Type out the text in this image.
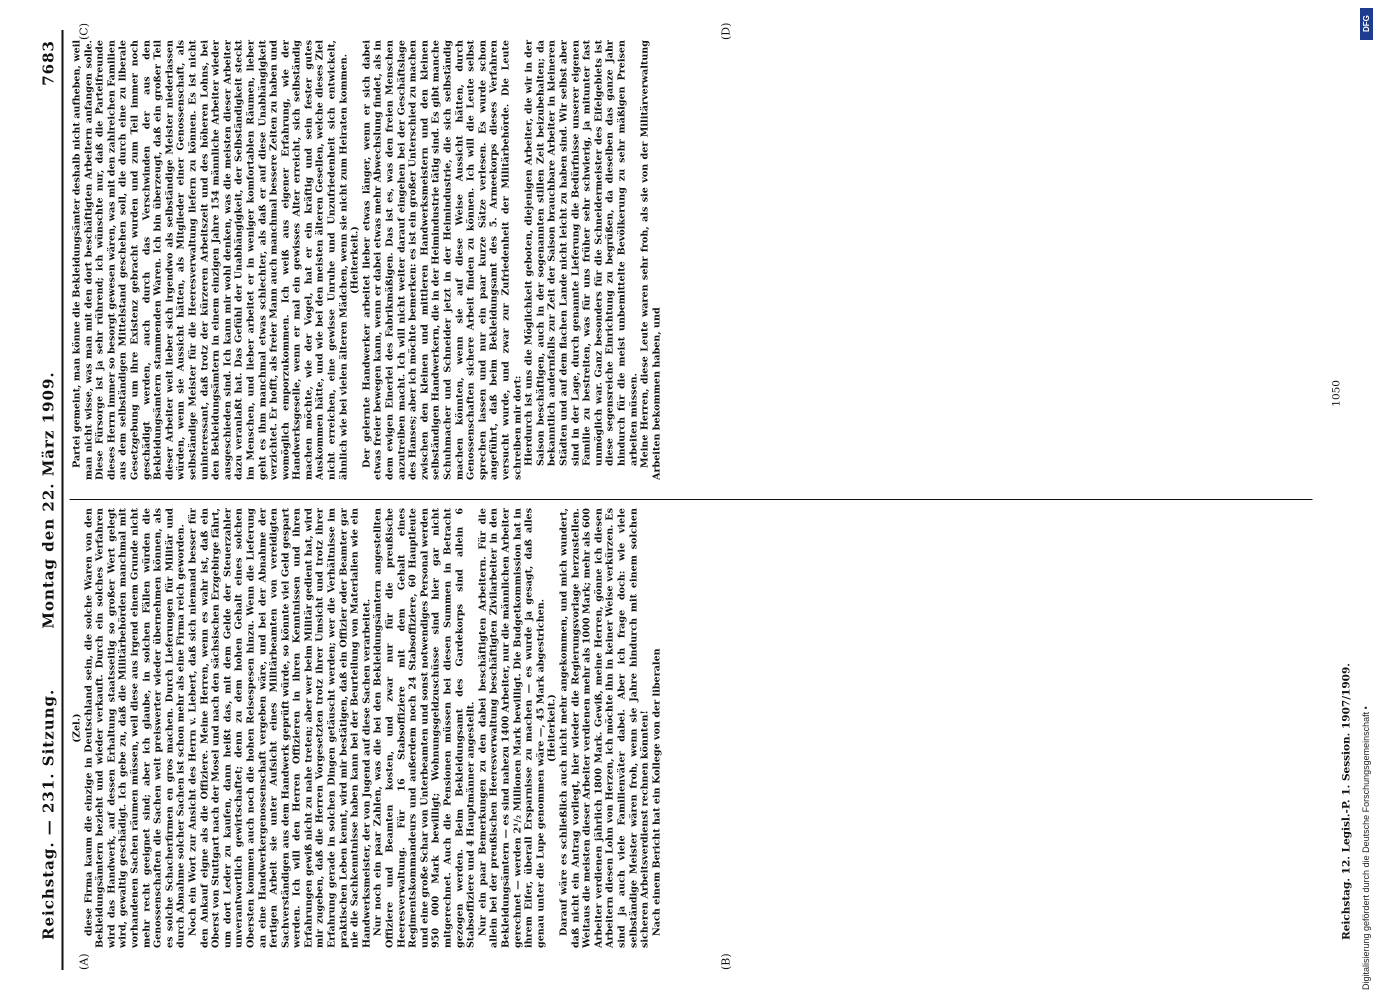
Reichstag. — 231. Sitzung.
Montag den 22. März 1909.
7683
(A)	(B)
(C)	(D)

(Zel.) diese Firma kaum die einzige in Deutschland sein, die solche Waren von den Bekleidungsämtern bezieht und wieder verkauft. Durch ein solches Verfahren wird das Handwerk, auf dessen Erhaltung staatsseitig so großer Wert gelegt wird, gewaltig geschädigt. Ich gebe zu, daß die Militärbehörden manchmal mit vorhandenen Sachen räumen müssen, weil diese aus irgend einem Grunde nicht mehr recht geeignet sind; aber ich glaube, in solchen Fällen würden die Genossenschaften die Sachen weit preiswerter wieder übernehmen können, als es solche Schacherfirmen en gros machen. Durch Lieferungen für Militär und durch Abnahme solcher Sachen ist schon mehr als eine Firma reich geworden. Noch ein Wort zur Ansicht des Herrn v. Liebert, daß sich niemand besser für den Ankauf eigne als die Offiziere. Meine Herren, wenn es wahr ist, daß ein Oberst von Stuttgart nach der Mosel und nach den sächsischen Erzgebirge fährt, um dort Leder zu kaufen, dann heißt das, mit dem Gelde der Steuerzahler unverantwortlich gewirtschaftet; denn zu dem hohen Gehalt eines solchen Obersten kommen auch noch die hohen Reisespesen hinzu. Wenn die Lieferung an eine Handwerkergenossenschaft vergeben wäre, und bei der Abnahme der fertigen Arbeit sie unter Aufsicht eines Militärbeamten von vereidigten Sachverständigen aus dem Handwerk geprüft würde, so könnte viel Geld gespart werden. Ich will den Herren Offizieren in ihren Kenntnissen und ihren Erfahrungen gewiß nicht zu nahe treten; aber wer beim Militär gedient hat, wird mir zugeben, daß die Herren Vorgesetzten trotz ihrer Umsicht und trotz ihrer Erfahrung gerade in solchen Dingen getäuscht werden; wer die Verhältnisse im praktischen Leben kennt, wird mir bestätigen, daß ein Offizier oder Beamter gar nie die Sachkenntnisse haben kann bei der Beurteilung von Materialien wie ein Handwerksmeister, der von Jugend auf diese Sachen verarbeitet. Nur noch ein paar Zahlen, was die bei den Bekleidungsämtern angestellten Offiziere und Beamten kosten, und zwar nur für die preußische Heeresverwaltung. Für 16 Stabsoffiziere mit dem Gehalt eines Regimentskommandeurs und außerdem noch 24 Stabsoffiziere, 60 Hauptleute und eine große Schar von Unterbeamten und sonst notwendiges Personal werden 950 000 Mark bewilligt; Wohnungsgeldzuschüsse sind hier gar nicht mitgerechnet. Auch die Pensionen müssen bei diesen Summen in Betracht gezogen werden. Beim Bekleidungsamt des Gardekorps sind allein 6 Stabsoffiziere und 4 Hauptmänner angestellt. Nur ein paar Bemerkungen zu den dabei beschäftigten Arbeitern. Für die allein bei der preußischen Heeresverwaltung beschäftigten Zivilarbeiter in den Bekleidungsämtern — es sind nahezu 1400 Arbeiter, nur die männlichen Arbeiter gerechnet — werden 2¹/₂ Millionen Mark bewilligt. Die Budgetkommission hat in ihrem Eifer, überall Ersparnisse zu machen — es wurde ja gesagt, daß alles genau unter die Lupe genommen wäre —, 45 Mark abgestrichen. (Heiterkeit.) Darauf wäre es schließlich auch nicht mehr angekommen, und mich wundert, daß nicht ein Antrag vorliegt, hier wieder die Regierungsvorlage herzustellen. Weitaus die meisten dieser Arbeiter verdienen mehr als 1000 Mark; mehr als 600 Arbeiter verdienen jährlich 1800 Mark. Gewiß, meine Herren, gönne ich diesen Arbeitern diesen Lohn von Herzen, ich möchte ihn in keiner Weise verkürzen. Es sind ja auch viele Familienväter dabei. Aber ich frage doch: wie viele selbständige Meister wären froh, wenn sie Jahre hindurch mit einem solchen sicheren Arbeitsverdienst rechnen könnten! Nach einem Bericht hat ein Kollege von der liberalen

Partei gemeint, man könne die Bekleidungsämter deshalb nicht aufheben, weil man nicht wisse, was man mit den dort beschäftigten Arbeitern anfangen solle. Diese Fürsorge ist ja sehr rührend; ich wünschte nur, daß die Parteifreunde dieses Herrn immer so besorgt gewesen wären, was mit den zahlreichen Familien aus dem selbständigen Mittelstand geschehen soll, die durch eine zu liberale Gesetzgebung um ihre Existenz gebracht wurden und zum Teil immer noch geschädigt werden, auch durch das Verschwinden der aus den Bekleidungsämtern stammenden Waren. Ich bin überzeugt, daß ein großer Teil dieser Arbeiter weit lieber sich irgendwo als selbständige Meister niederlassen würden, wenn sie Aussicht hätten, als Mitglieder einer Genossenschaft, als selbständige Meister für die Heeresverwaltung liefern zu können. Es ist nicht uninteressant, daß trotz der kürzeren Arbeitszeit und des höheren Lohns, bei den Bekleidungsämtern in einem einzigen Jahre 154 männliche Arbeiter wieder ausgeschieden sind. Ich kann mir wohl denken, was die meisten dieser Arbeiter dazu veranlaßt hat. Das Gefühl der Unabhängigkeit, der Selbständigkeit steckt im Menschen, und lieber arbeitet er in weniger komfortablen Räumen, lieber geht es ihm manchmal etwas schlechter, als daß er auf diese Unabhängigkeit verzichtet. Er hofft, als freier Mann auch manchmal bessere Zeiten zu haben und womöglich emporzukommen. Ich weiß aus eigener Erfahrung, wie der Handwerksgeselle, wenn er mal ein gewisses Alter erreicht, sich selbständig machen möchte, wie der Vogel, hat er ein kräftig und sein fester gutes Auskommen hätte, und wie bei den meisten älteren Gesellen, welche dieses Ziel nicht erreichen, eine gewisse Unruhe und Unzufriedenheit sich entwickelt, ähnlich wie bei vielen älteren Mädchen, wenn sie nicht zum Heiraten kommen. (Heiterkeit.) Der gelernte Handwerker arbeitet lieber etwas länger, wenn er sich dabei etwas freier bewegen kann, wenn er dabei etwas mehr Abwechslung findet, als in dem ewigen Einerlei des Fabrikmäßigen. Das ist es, was den freien Menschen anzutreiben macht. Ich will nicht weiter darauf eingehen bei der Geschäftslage des Hanses; aber ich möchte bemerken: es ist ein großer Unterschied zu machen zwischen den kleinen und mittleren Handwerksmeistern und den kleinen selbständigen Handwerkern, die in der Heimindustrie tätig sind. Es gibt manche Schuhmacher und Schneider jetzt in der Heimindustrie, die sich selbständig machen könnten, wenn sie auf diese Weise Aussicht hätten, durch Genossenschaften sichere Arbeit finden zu können. Ich will die Leute selbst sprechen lassen und nur ein paar kurze Sätze verlesen. Es wurde schon angeführt, daß beim Bekleidungsamt des 5. Armeekorps dieses Verfahren versucht wurde, und zwar zur Zufriedenheit der Militärbehörde. Die Leute schreiben mir dort: Hierdurch ist uns die Möglichkeit geboten, diejenigen Arbeiter, die wir in der Saison beschäftigen, auch in der sogenannten stillen Zeit beizubehalten; da bekanntlich andernfalls zur Zeit der Saison brauchbare Arbeiter in kleineren Städten und auf dem flachen Lande nicht leicht zu haben sind. Wir selbst aber sind in der Lage, durch genannte Lieferung die Bedürfnisse unserer eigenen Familie zu bestreiten, was für uns früher sehr schwierig, ja mitunter fast unmöglich war. Ganz besonders für die Schneidermeister des Eifelgebiets ist diese segensreiche Einrichtung zu begrüßen, da dieselben das ganze Jahr hindurch für die meist unbemittelte Bevölkerung zu sehr mäßigen Preisen arbeiten müssen. Meine Herren, diese Leute waren sehr froh, als sie von der Militärverwaltung Arbeiten bekommen haben, und

Reichstag. 12. Legisl.-P. 1. Session. 1907/1909.
1050
Digitalisierung gefördert durch die Deutsche Forschungsgemeinschaft •
DFG
